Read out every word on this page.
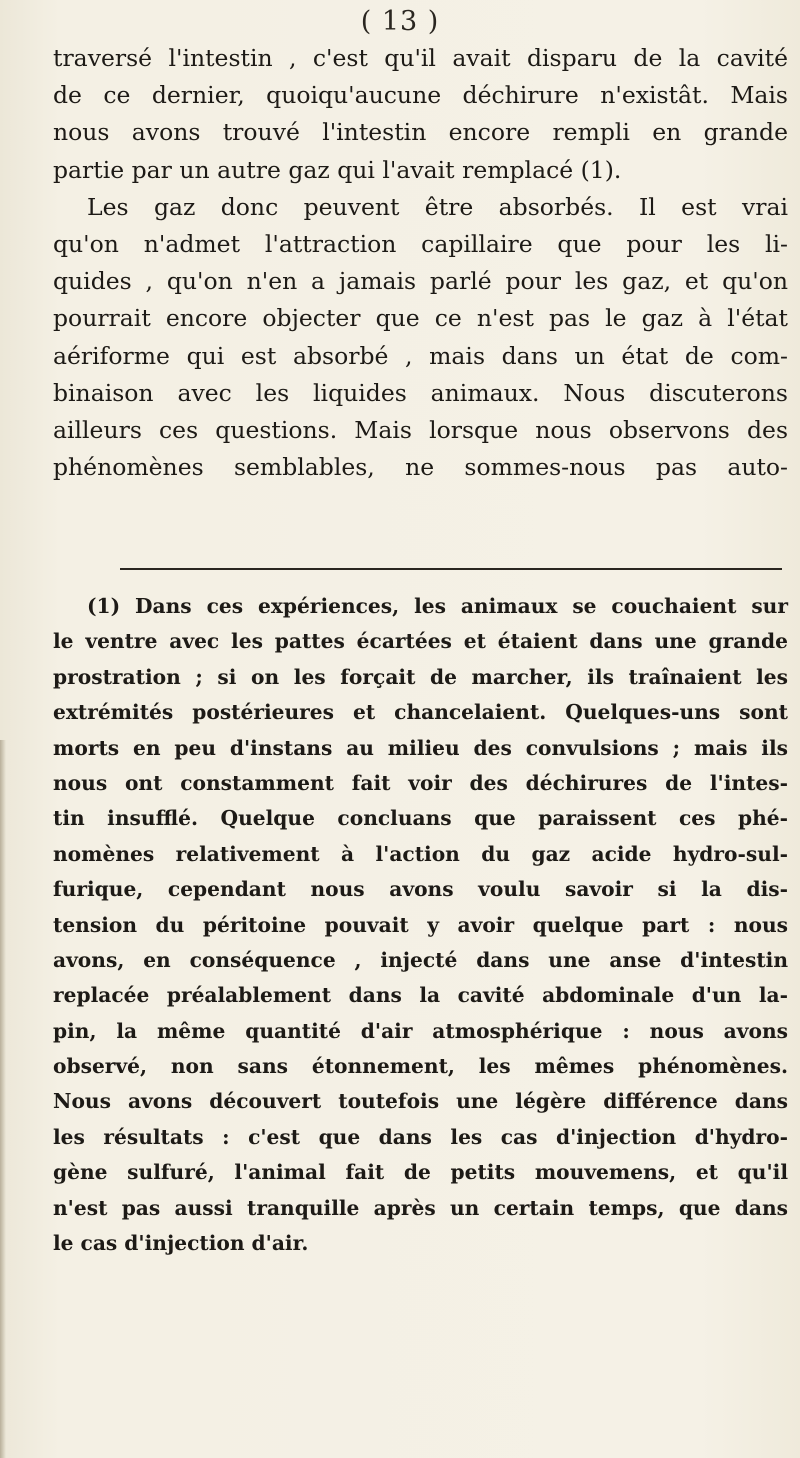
( 13 )
traversé l'intestin , c'est qu'il avait disparu de la cavité
de ce dernier, quoiqu'aucune déchirure n'existât. Mais
nous avons trouvé l'intestin encore rempli en grande
partie par un autre gaz qui l'avait remplacé (1).
Les gaz donc peuvent être absorbés. Il est vrai
qu'on n'admet l'attraction capillaire que pour les li-
quides , qu'on n'en a jamais parlé pour les gaz, et qu'on
pourrait encore objecter que ce n'est pas le gaz à l'état
aériforme qui est absorbé , mais dans un état de com-
binaison avec les liquides animaux. Nous discuterons
ailleurs ces questions. Mais lorsque nous observons des
phénomènes semblables, ne sommes-nous pas auto-
(1) Dans ces expériences, les animaux se couchaient sur
le ventre avec les pattes écartées et étaient dans une grande
prostration ; si on les forçait de marcher, ils traînaient les
extrémités postérieures et chancelaient. Quelques-uns sont
morts en peu d'instans au milieu des convulsions ; mais ils
nous ont constamment fait voir des déchirures de l'intes-
tin insufflé. Quelque concluans que paraissent ces phé-
nomènes relativement à l'action du gaz acide hydro-sul-
furique, cependant nous avons voulu savoir si la dis-
tension du péritoine pouvait y avoir quelque part : nous
avons, en conséquence , injecté dans une anse d'intestin
replacée préalablement dans la cavité abdominale d'un la-
pin, la même quantité d'air atmosphérique : nous avons
observé, non sans étonnement, les mêmes phénomènes.
Nous avons découvert toutefois une légère différence dans
les résultats : c'est que dans les cas d'injection d'hydro-
gène sulfuré, l'animal fait de petits mouvemens, et qu'il
n'est pas aussi tranquille après un certain temps, que dans
le cas d'injection d'air.
